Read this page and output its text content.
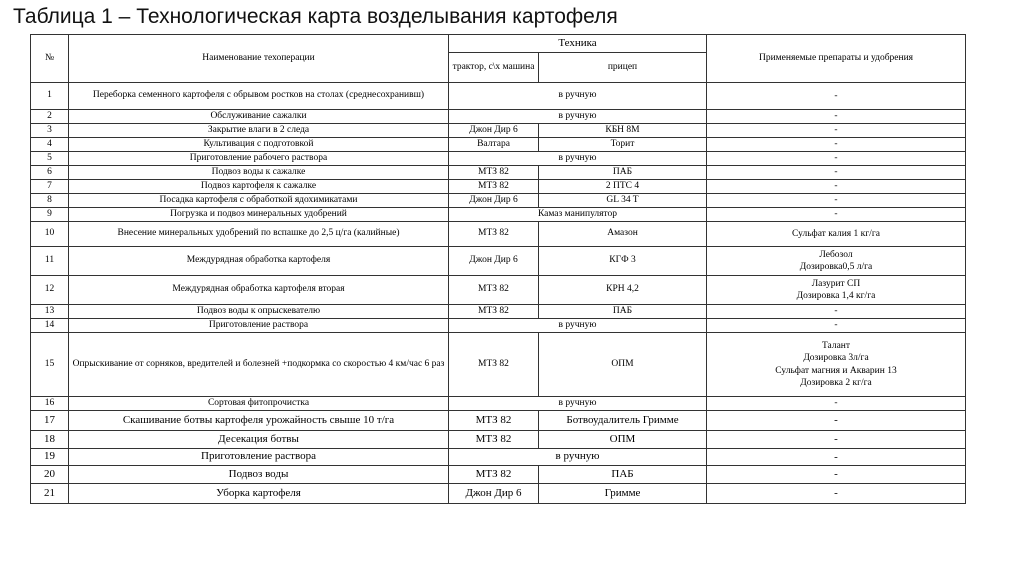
Таблица 1 – Технологическая карта возделывания картофеля
№	Наименование техоперации	Техника		Применяемые препараты и удобрения
		трактор, с\х машина	прицеп	
1	Переборка семенного картофеля с обрывом ростков на столах (среднесохранивш)	в ручную		-

2	Обслуживание сажалки	в ручную		-

3	Закрытие влаги в 2 следа	Джон Дир 6	КБН 8М	-

4	Культивация с подготовкой	Валтара	Торит	-

5	Приготовление рабочего раствора	в ручную		-

6	Подвоз воды к сажалке	МТЗ 82	ПАБ	-

7	Подвоз картофеля к сажалке	МТЗ 82	2 ПТС 4	-

8	Посадка картофеля с обработкой ядохимикатами	Джон Дир 6	GL 34 T	-

9	Погрузка и подвоз минеральных удобрений	Камаз манипулятор		-

10	Внесение минеральных удобрений по вспашке до 2,5 ц/га (калийные)	МТЗ 82	Амазон	Сульфат калия 1 кг/га

11	Междурядная обработка картофеля	Джон Дир 6	КГФ 3	Лебозол
Дозировка0,5 л/га

12	Междурядная обработка картофеля вторая	МТЗ 82	КРН 4,2	Лазурит СП
Дозировка 1,4 кг/га

13	Подвоз воды к опрыскевателю	МТЗ 82	ПАБ	-

14	Приготовление раствора	в ручную		-

15	Опрыскивание от сорняков, вредителей и болезней +подкормка со скоростью 4 км/час 6 раз	МТЗ 82	ОПМ	Талант
Дозировка 3л/га
Сульфат магния и Акварин 13
Дозировка 2 кг/га

16	Сортовая фитопрочистка	в ручную		-

17	Скашивание ботвы картофеля урожайность свыше 10 т/га	МТЗ 82	Ботвоудалитель Гримме	-

18	Десекация ботвы	МТЗ 82	ОПМ	-

19	Приготовление раствора	в ручную		-

20	Подвоз воды	МТЗ 82	ПАБ	-

21	Уборка картофеля	Джон Дир 6	Гримме	-
